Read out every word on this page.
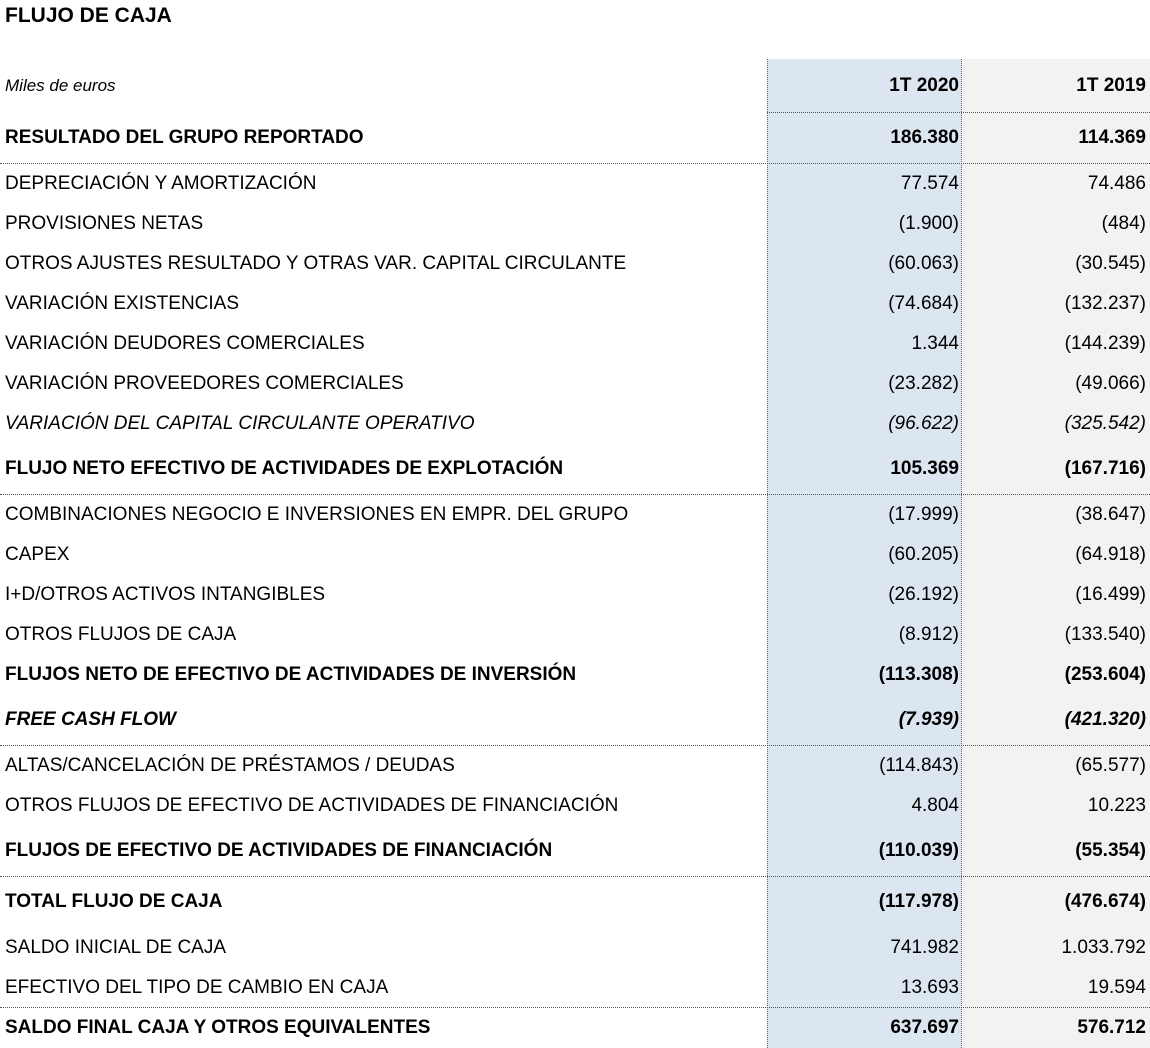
FLUJO DE CAJA
Miles de euros	1T 2020	1T 2019
RESULTADO DEL GRUPO REPORTADO	186.380	114.369
DEPRECIACIÓN Y AMORTIZACIÓN	77.574	74.486
PROVISIONES NETAS	(1.900)	(484)
OTROS AJUSTES RESULTADO Y OTRAS VAR. CAPITAL CIRCULANTE	(60.063)	(30.545)
VARIACIÓN EXISTENCIAS	(74.684)	(132.237)
VARIACIÓN DEUDORES COMERCIALES	1.344	(144.239)
VARIACIÓN PROVEEDORES COMERCIALES	(23.282)	(49.066)
VARIACIÓN DEL CAPITAL CIRCULANTE OPERATIVO	(96.622)	(325.542)
FLUJO NETO EFECTIVO DE ACTIVIDADES DE EXPLOTACIÓN	105.369	(167.716)
COMBINACIONES NEGOCIO E INVERSIONES EN EMPR. DEL GRUPO	(17.999)	(38.647)
CAPEX	(60.205)	(64.918)
I+D/OTROS ACTIVOS INTANGIBLES	(26.192)	(16.499)
OTROS FLUJOS DE CAJA	(8.912)	(133.540)
FLUJOS NETO DE EFECTIVO DE ACTIVIDADES DE INVERSIÓN	(113.308)	(253.604)
FREE CASH FLOW	(7.939)	(421.320)
ALTAS/CANCELACIÓN DE PRÉSTAMOS / DEUDAS	(114.843)	(65.577)
OTROS FLUJOS DE EFECTIVO DE ACTIVIDADES DE FINANCIACIÓN	4.804	10.223
FLUJOS DE EFECTIVO DE ACTIVIDADES DE FINANCIACIÓN	(110.039)	(55.354)
TOTAL FLUJO DE CAJA	(117.978)	(476.674)
SALDO INICIAL DE CAJA	741.982	1.033.792
EFECTIVO DEL TIPO DE CAMBIO EN CAJA	13.693	19.594
SALDO FINAL CAJA Y OTROS EQUIVALENTES	637.697	576.712
